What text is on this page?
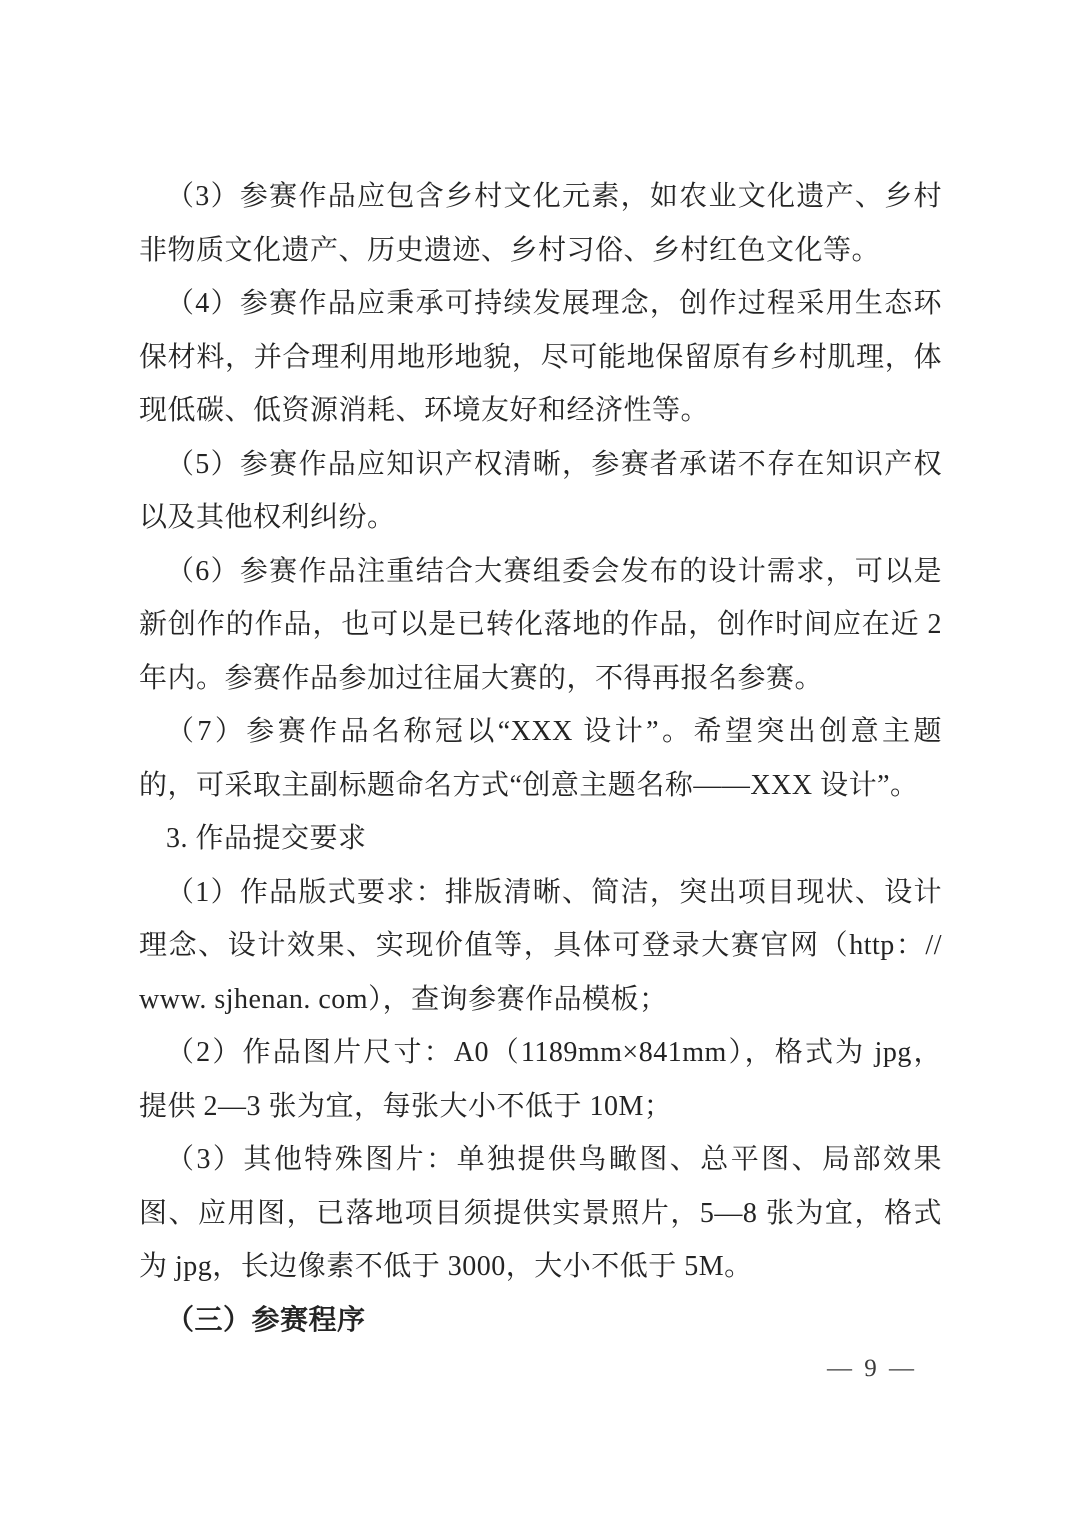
（3）参赛作品应包含乡村文化元素，如农业文化遗产、乡村
非物质文化遗产、历史遗迹、乡村习俗、乡村红色文化等。
（4）参赛作品应秉承可持续发展理念，创作过程采用生态环
保材料，并合理利用地形地貌，尽可能地保留原有乡村肌理，体
现低碳、低资源消耗、环境友好和经济性等。
（5）参赛作品应知识产权清晰，参赛者承诺不存在知识产权
以及其他权利纠纷。
（6）参赛作品注重结合大赛组委会发布的设计需求，可以是
新创作的作品，也可以是已转化落地的作品，创作时间应在近 2
年内。参赛作品参加过往届大赛的，不得再报名参赛。
（7）参赛作品名称冠以“XXX 设计”。希望突出创意主题
的，可采取主副标题命名方式“创意主题名称——XXX 设计”。
3. 作品提交要求
（1）作品版式要求：排版清晰、简洁，突出项目现状、设计
理念、设计效果、实现价值等，具体可登录大赛官网（http：//
www. sjhenan. com），查询参赛作品模板；
（2）作品图片尺寸：A0（1189mm×841mm），格式为 jpg，
提供 2—3 张为宜，每张大小不低于 10M；
（3）其他特殊图片：单独提供鸟瞰图、总平图、局部效果
图、应用图，已落地项目须提供实景照片，5—8 张为宜，格式
为 jpg，长边像素不低于 3000，大小不低于 5M。
（三）参赛程序
— 9 —
